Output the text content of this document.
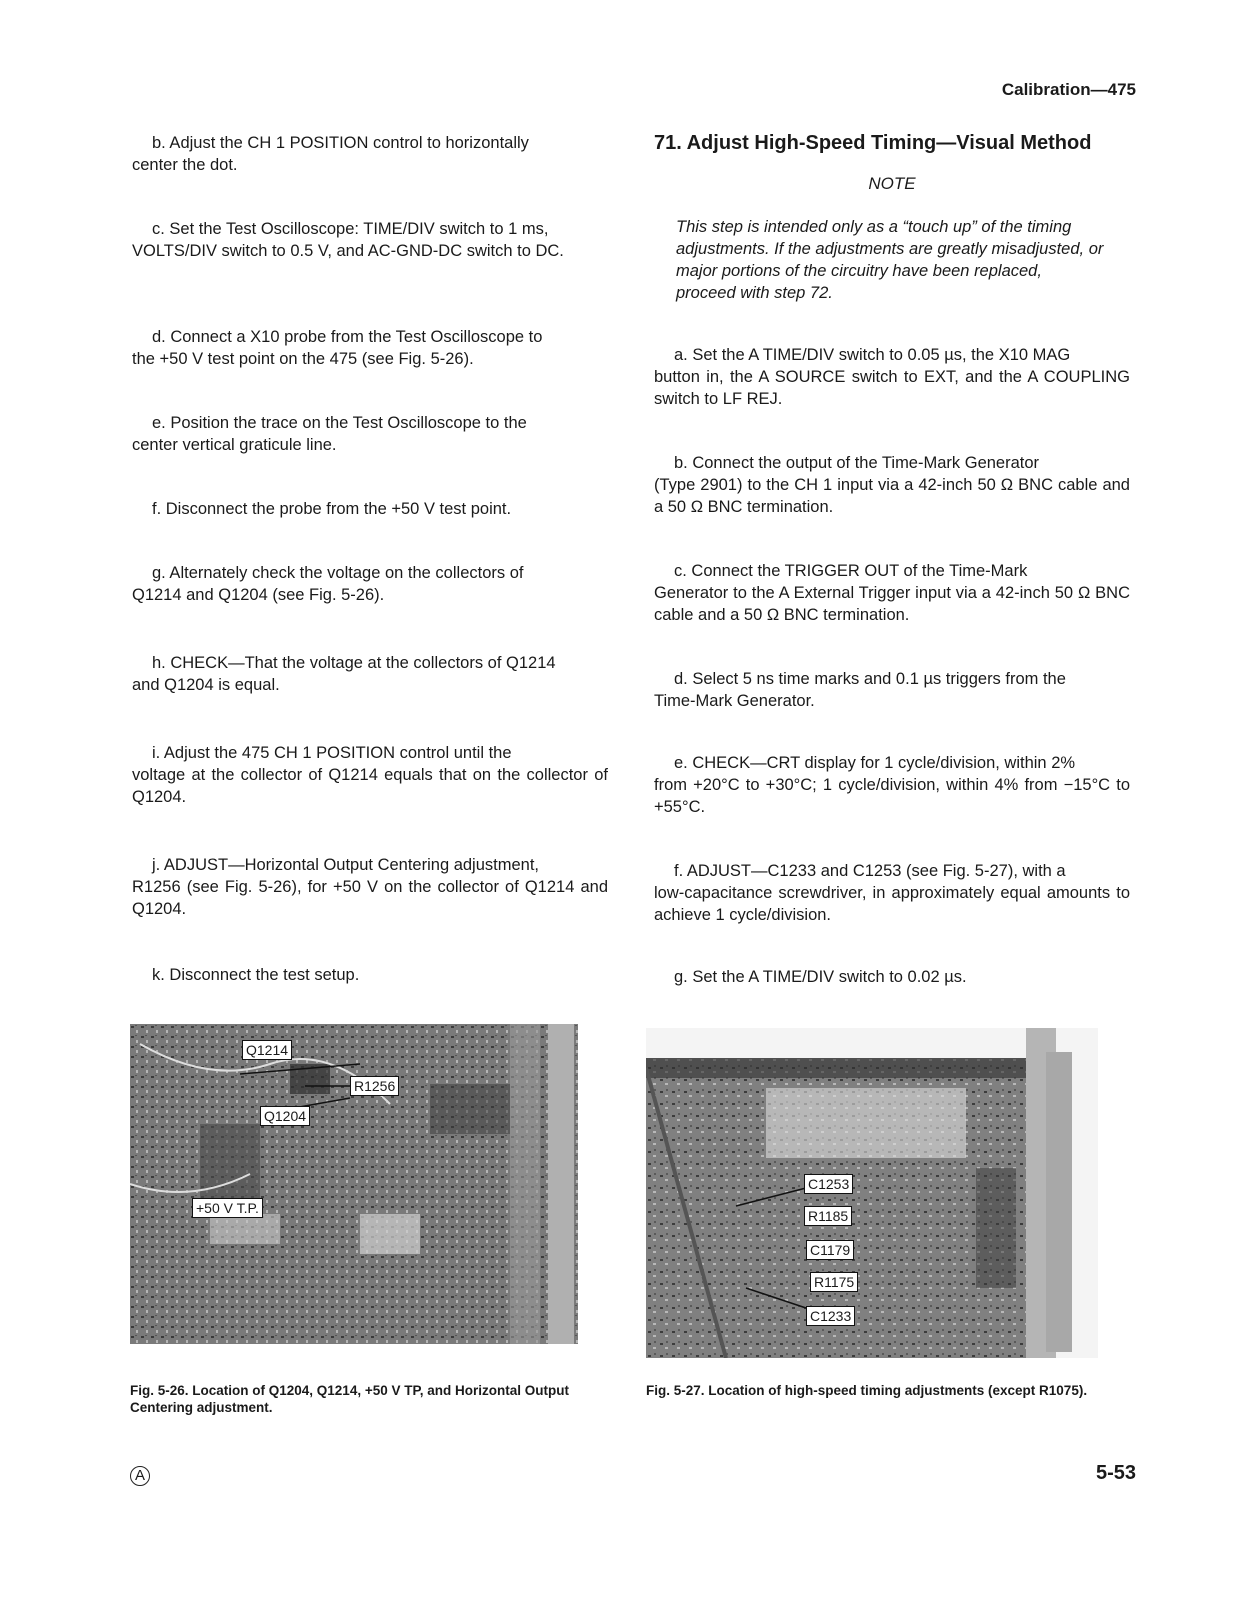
Calibration—475

b. Adjust the CH 1 POSITION control to horizontally
center the dot.

c. Set the Test Oscilloscope: TIME/DIV switch to 1 ms,
VOLTS/DIV switch to 0.5 V, and AC-GND-DC switch to DC.

d. Connect a X10 probe from the Test Oscilloscope to
the +50 V test point on the 475 (see Fig. 5-26).

e. Position the trace on the Test Oscilloscope to the
center vertical graticule line.

f. Disconnect the probe from the +50 V test point.

g. Alternately check the voltage on the collectors of
Q1214 and Q1204 (see Fig. 5-26).

h. CHECK—That the voltage at the collectors of Q1214
and Q1204 is equal.

i. Adjust the 475 CH 1 POSITION control until the
voltage at the collector of Q1214 equals that on the collector of Q1204.

j. ADJUST—Horizontal Output Centering adjustment,
R1256 (see Fig. 5-26), for +50 V on the collector of Q1214 and Q1204.

k. Disconnect the test setup.

71. Adjust High-Speed Timing—Visual Method
NOTE
This step is intended only as a “touch up” of the timing adjustments. If the adjustments are greatly misadjusted, or major portions of the circuitry have been replaced, proceed with step 72.

a. Set the A TIME/DIV switch to 0.05 µs, the X10 MAG
button in, the A SOURCE switch to EXT, and the A COUPLING switch to LF REJ.

b. Connect the output of the Time-Mark Generator
(Type 2901) to the CH 1 input via a 42-inch 50 Ω BNC cable and a 50 Ω BNC termination.

c. Connect the TRIGGER OUT of the Time-Mark
Generator to the A External Trigger input via a 42-inch 50 Ω BNC cable and a 50 Ω BNC termination.

d. Select 5 ns time marks and 0.1 µs triggers from the
Time-Mark Generator.

e. CHECK—CRT display for 1 cycle/division, within 2%
from +20°C to +30°C; 1 cycle/division, within 4% from −15°C to +55°C.

f. ADJUST—C1233 and C1253 (see Fig. 5-27), with a
low-capacitance screwdriver, in approximately equal amounts to achieve 1 cycle/division.

g. Set the A TIME/DIV switch to 0.02 µs.

Q1214
R1256
Q1204
+50 V T.P.
C1253
R1185
C1179
R1175
C1233
Fig. 5-26. Location of Q1204, Q1214, +50 V TP, and Horizontal Output Centering adjustment.
Fig. 5-27. Location of high-speed timing adjustments (except R1075).
A	5-53
